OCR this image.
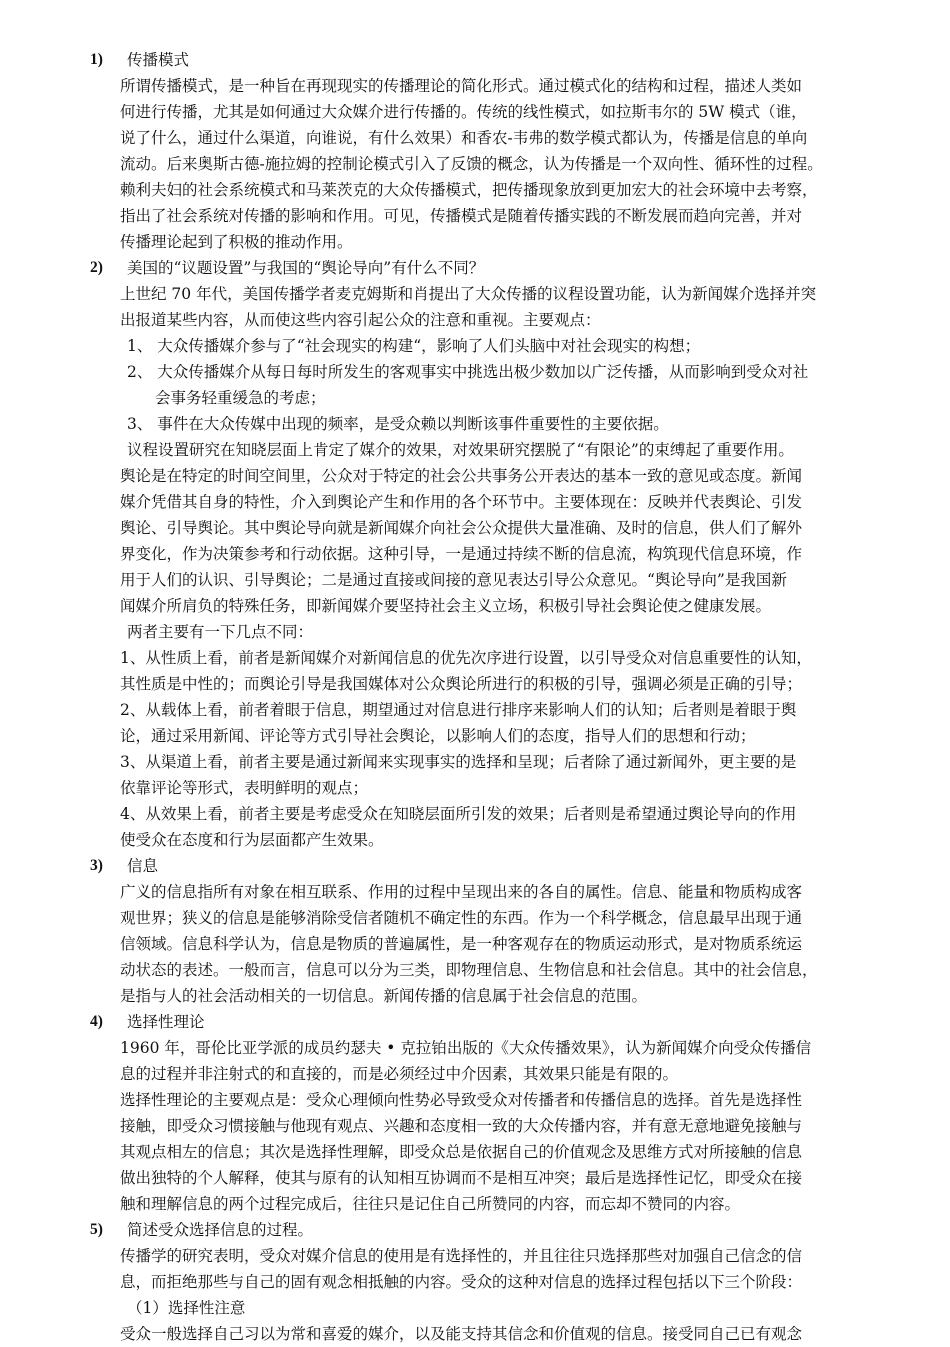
1) 传播模式
所谓传播模式，是一种旨在再现现实的传播理论的简化形式。通过模式化的结构和过程，描述人类如
何进行传播，尤其是如何通过大众媒介进行传播的。传统的线性模式，如拉斯韦尔的 5W 模式（谁，
说了什么，通过什么渠道，向谁说，有什么效果）和香农-韦弗的数学模式都认为，传播是信息的单向
流动。后来奥斯古德-施拉姆的控制论模式引入了反馈的概念，认为传播是一个双向性、循环性的过程。
赖利夫妇的社会系统模式和马莱茨克的大众传播模式，把传播现象放到更加宏大的社会环境中去考察，
指出了社会系统对传播的影响和作用。可见，传播模式是随着传播实践的不断发展而趋向完善，并对
传播理论起到了积极的推动作用。
2) 美国的“议题设置”与我国的“舆论导向”有什么不同？
上世纪 70 年代，美国传播学者麦克姆斯和肖提出了大众传播的议程设置功能，认为新闻媒介选择并突
出报道某些内容，从而使这些内容引起公众的注意和重视。主要观点：
1、 大众传播媒介参与了“社会现实的构建“，影响了人们头脑中对社会现实的构想；
2、 大众传播媒介从每日每时所发生的客观事实中挑选出极少数加以广泛传播，从而影响到受众对社
会事务轻重缓急的考虑；
3、 事件在大众传媒中出现的频率，是受众赖以判断该事件重要性的主要依据。
议程设置研究在知晓层面上肯定了媒介的效果，对效果研究摆脱了“有限论”的束缚起了重要作用。
舆论是在特定的时间空间里，公众对于特定的社会公共事务公开表达的基本一致的意见或态度。新闻
媒介凭借其自身的特性，介入到舆论产生和作用的各个环节中。主要体现在：反映并代表舆论、引发
舆论、引导舆论。其中舆论导向就是新闻媒介向社会公众提供大量准确、及时的信息，供人们了解外
界变化，作为决策参考和行动依据。这种引导，一是通过持续不断的信息流，构筑现代信息环境，作
用于人们的认识、引导舆论；二是通过直接或间接的意见表达引导公众意见。“舆论导向”是我国新
闻媒介所肩负的特殊任务，即新闻媒介要坚持社会主义立场，积极引导社会舆论使之健康发展。
两者主要有一下几点不同：
1、从性质上看，前者是新闻媒介对新闻信息的优先次序进行设置，以引导受众对信息重要性的认知，
其性质是中性的；而舆论引导是我国媒体对公众舆论所进行的积极的引导，强调必须是正确的引导；
2、从载体上看，前者着眼于信息，期望通过对信息进行排序来影响人们的认知；后者则是着眼于舆
论，通过采用新闻、评论等方式引导社会舆论，以影响人们的态度，指导人们的思想和行动；
3、从渠道上看，前者主要是通过新闻来实现事实的选择和呈现；后者除了通过新闻外，更主要的是
依靠评论等形式，表明鲜明的观点；
4、从效果上看，前者主要是考虑受众在知晓层面所引发的效果；后者则是希望通过舆论导向的作用
使受众在态度和行为层面都产生效果。
3) 信息
广义的信息指所有对象在相互联系、作用的过程中呈现出来的各自的属性。信息、能量和物质构成客
观世界；狭义的信息是能够消除受信者随机不确定性的东西。作为一个科学概念，信息最早出现于通
信领域。信息科学认为，信息是物质的普遍属性，是一种客观存在的物质运动形式，是对物质系统运
动状态的表述。一般而言，信息可以分为三类，即物理信息、生物信息和社会信息。其中的社会信息，
是指与人的社会活动相关的一切信息。新闻传播的信息属于社会信息的范围。
4) 选择性理论
1960 年，哥伦比亚学派的成员约瑟夫 • 克拉铂出版的《大众传播效果》，认为新闻媒介向受众传播信
息的过程并非注射式的和直接的，而是必须经过中介因素，其效果只能是有限的。
选择性理论的主要观点是：受众心理倾向性势必导致受众对传播者和传播信息的选择。首先是选择性
接触，即受众习惯接触与他现有观点、兴趣和态度相一致的大众传播内容，并有意无意地避免接触与
其观点相左的信息；其次是选择性理解，即受众总是依据自己的价值观念及思维方式对所接触的信息
做出独特的个人解释，使其与原有的认知相互协调而不是相互冲突；最后是选择性记忆，即受众在接
触和理解信息的两个过程完成后，往往只是记住自己所赞同的内容，而忘却不赞同的内容。
5) 简述受众选择信息的过程。
传播学的研究表明，受众对媒介信息的使用是有选择性的，并且往往只选择那些对加强自己信念的信
息，而拒绝那些与自己的固有观念相抵触的内容。受众的这种对信息的选择过程包括以下三个阶段：
（1）选择性注意
受众一般选择自己习以为常和喜爱的媒介，以及能支持其信念和价值观的信息。接受同自己已有观念
